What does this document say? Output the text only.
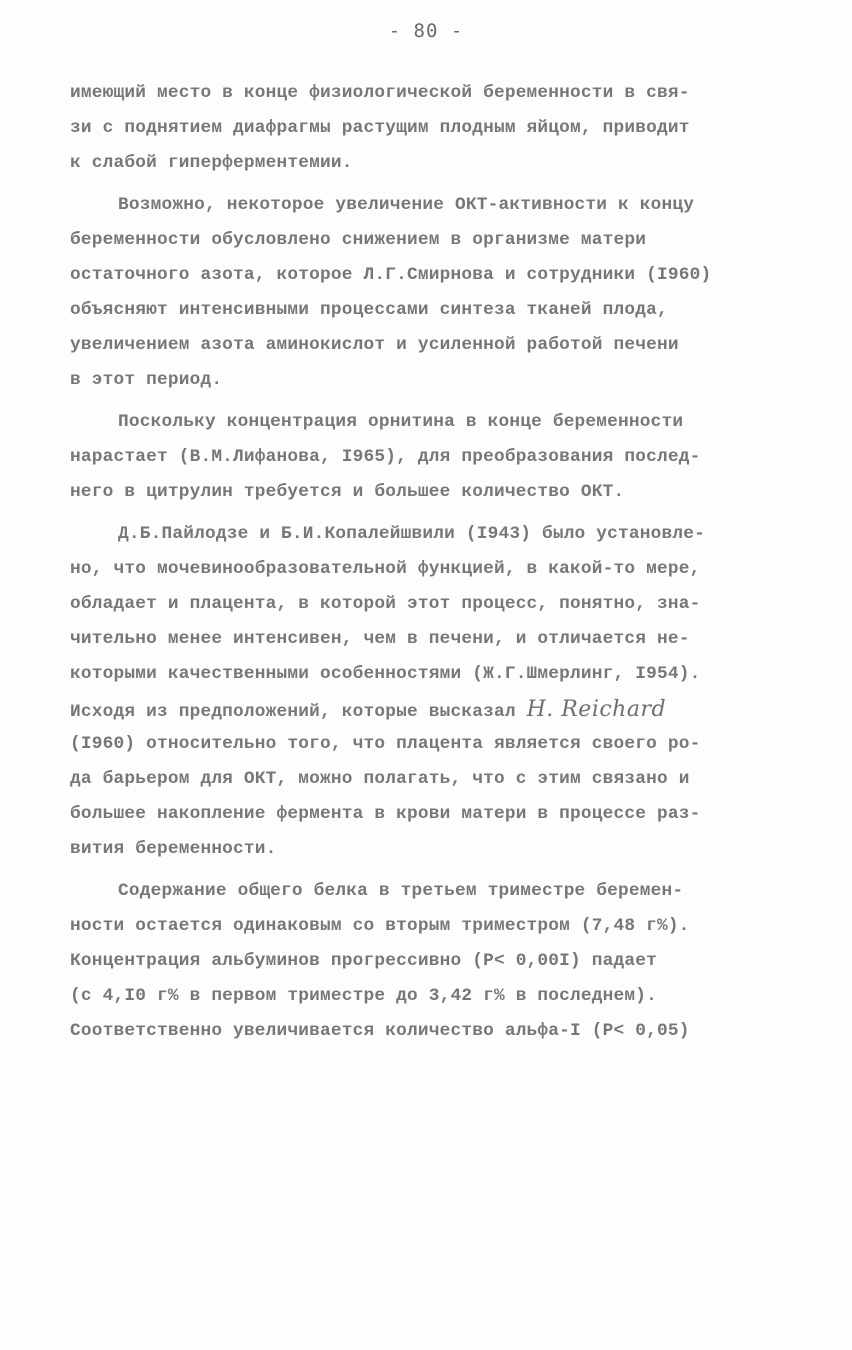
- 80 -
имеющий место в конце физиологической беременности в свя-
зи с поднятием диафрагмы растущим плодным яйцом, приводит
к слабой гиперферментемии.
Возможно, некоторое увеличение ОКТ-активности к концу
беременности обусловлено снижением в организме матери
остаточного азота, которое Л.Г.Смирнова и сотрудники (I960)
объясняют интенсивными процессами синтеза тканей плода,
увеличением азота аминокислот и усиленной работой печени
в этот период.
Поскольку концентрация орнитина в конце беременности
нарастает (В.М.Лифанова, I965), для преобразования послед-
него в цитрулин требуется и большее количество ОКТ.
Д.Б.Пайлодзе и Б.И.Копалейшвили (I943) было установле-
но, что мочевинообразовательной функцией, в какой-то мере,
обладает и плацента, в которой этот процесс, понятно, зна-
чительно менее интенсивен, чем в печени, и отличается не-
которыми качественными особенностями (Ж.Г.Шмерлинг, I954).
Исходя из предположений, которые высказал H. Reichard
(I960) относительно того, что плацента является своего ро-
да барьером для ОКТ, можно полагать, что с этим связано и
большее накопление фермента в крови матери в процессе раз-
вития беременности.
Содержание общего белка в третьем триместре беремен-
ности остается одинаковым со вторым триместром (7,48 г%).
Концентрация альбуминов прогрессивно (P< 0,00I) падает
(с 4,I0 г% в первом триместре до 3,42 г% в последнем).
Соответственно увеличивается количество альфа-I (P< 0,05)
